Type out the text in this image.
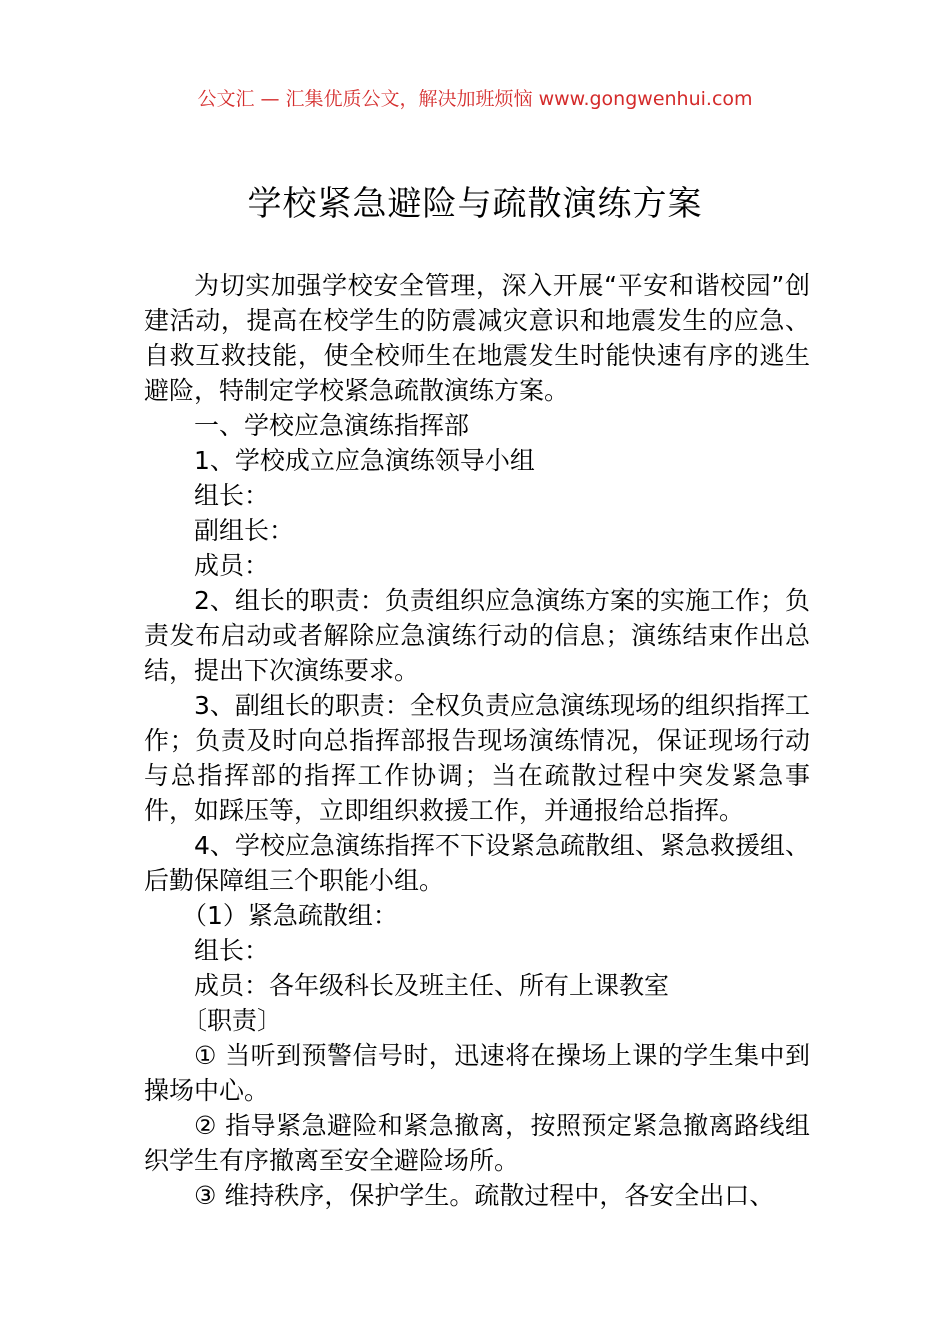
公文汇 — 汇集优质公文，解决加班烦恼 www.gongwenhui.com
学校紧急避险与疏散演练方案

为切实加强学校安全管理，深入开展“平安和谐校园”创建活动，提高在校学生的防震减灾意识和地震发生的应急、自救互救技能，使全校师生在地震发生时能快速有序的逃生避险，特制定学校紧急疏散演练方案。

一、学校应急演练指挥部

1、学校成立应急演练领导小组

组长：

副组长：

成员：

2、组长的职责：负责组织应急演练方案的实施工作；负责发布启动或者解除应急演练行动的信息；演练结束作出总结，提出下次演练要求。

3、副组长的职责：全权负责应急演练现场的组织指挥工作；负责及时向总指挥部报告现场演练情况，保证现场行动与总指挥部的指挥工作协调；当在疏散过程中突发紧急事件，如踩压等，立即组织救援工作，并通报给总指挥。

4、学校应急演练指挥不下设紧急疏散组、紧急救援组、后勤保障组三个职能小组。

（1）紧急疏散组：

组长：

成员：各年级科长及班主任、所有上课教室

〔职责〕

① 当听到预警信号时，迅速将在操场上课的学生集中到操场中心。

② 指导紧急避险和紧急撤离，按照预定紧急撤离路线组织学生有序撤离至安全避险场所。

③ 维持秩序，保护学生。疏散过程中，各安全出口、
